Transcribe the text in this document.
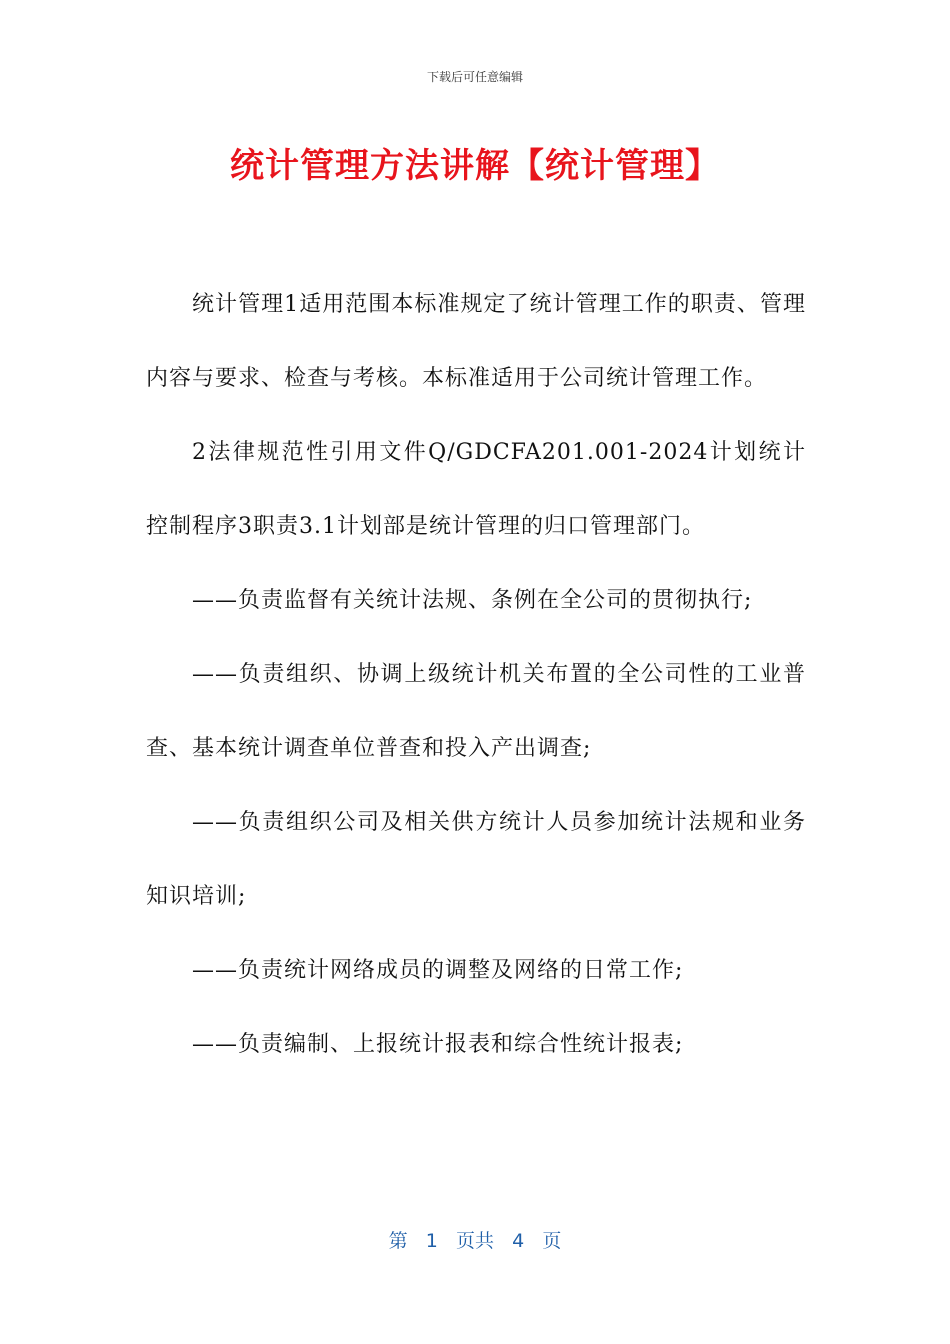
下载后可任意编辑
统计管理方法讲解【统计管理】

统计管理1适用范围本标准规定了统计管理工作的职责、管理内容与要求、检查与考核。本标准适用于公司统计管理工作。

2法律规范性引用文件Q/GDCFA201.001-2024计划统计控制程序3职责3.1计划部是统计管理的归口管理部门。

——负责监督有关统计法规、条例在全公司的贯彻执行;

——负责组织、协调上级统计机关布置的全公司性的工业普查、基本统计调查单位普查和投入产出调查;

——负责组织公司及相关供方统计人员参加统计法规和业务知识培训;

——负责统计网络成员的调整及网络的日常工作;

——负责编制、上报统计报表和综合性统计报表;

第 1 页共 4 页
